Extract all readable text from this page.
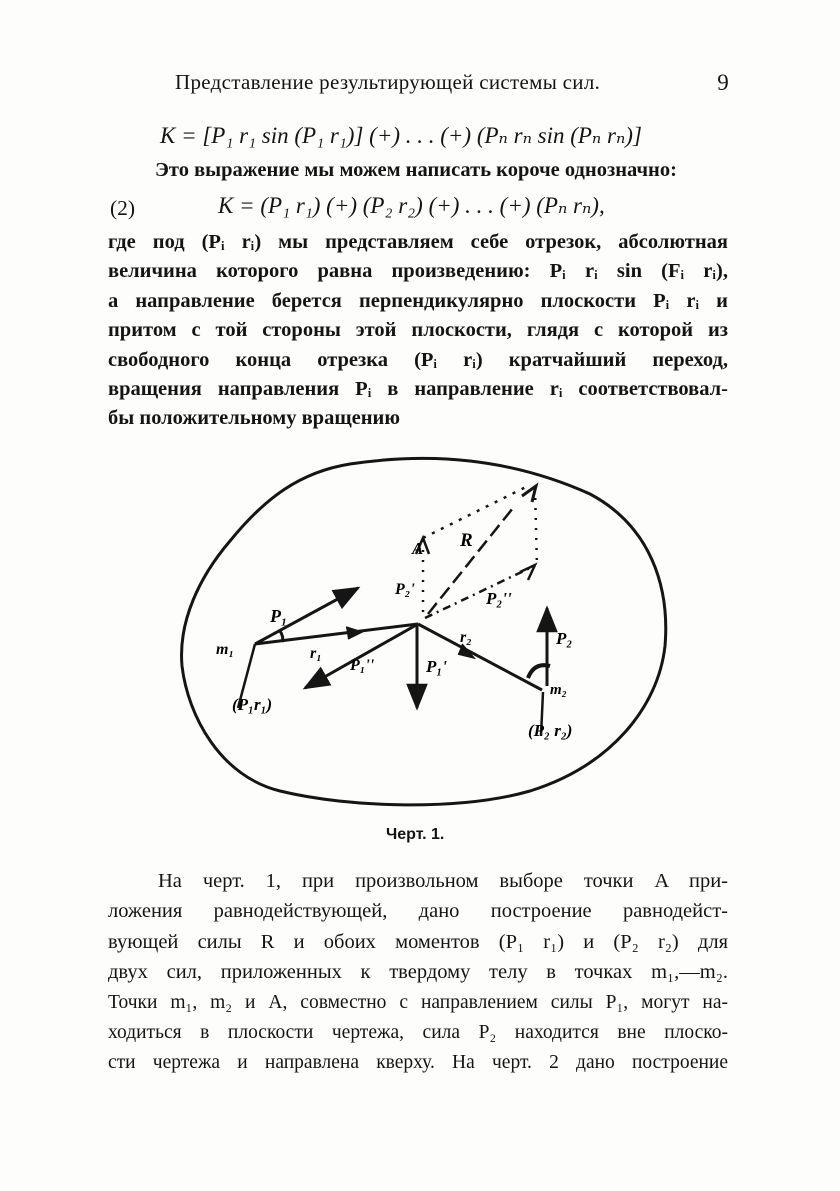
Представление результирующей системы сил.	9
K = [P₁ r₁ sin (P₁ r₁)] (+) . . . (+) (Pₙ rₙ sin (Pₙ rₙ)]
Это выражение мы можем написать короче однозначно:
(2)	K = (P₁ r₁) (+) (P₂ r₂) (+) . . . (+) (Pₙ rₙ),
где под (Pᵢ rᵢ) мы представляем себе отрезок, абсолютная
величина которого равна произведению: Pᵢ rᵢ sin (Fᵢ rᵢ),
а направление берется перпендикулярно плоскости Pᵢ rᵢ и
притом с той стороны этой плоскости, глядя с которой из
свободного конца отрезка (Pᵢ rᵢ) кратчайший переход,
вращения направления Pᵢ в направление rᵢ соответствовал-
бы положительному вращению
A R
P₁
m₁	r₁
(P₁r₁)
P₁''	P₁'
P₂'	P₂''
r₂	P₂
m₂
(P₂ r₂)
Черт. 1.
На черт. 1, при произвольном выборе точки A при-
ложения равнодействующей, дано построение равнодейст-
вующей силы R и обоих моментов (P₁ r₁) и (P₂ r₂) для
двух сил, приложенных к твердому телу в точках m₁,—m₂.
Точки m₁, m₂ и A, совместно с направлением силы P₁, могут на-
ходиться в плоскости чертежа, сила P₂ находится вне плоско-
сти чертежа и направлена кверху. На черт. 2 дано построение
